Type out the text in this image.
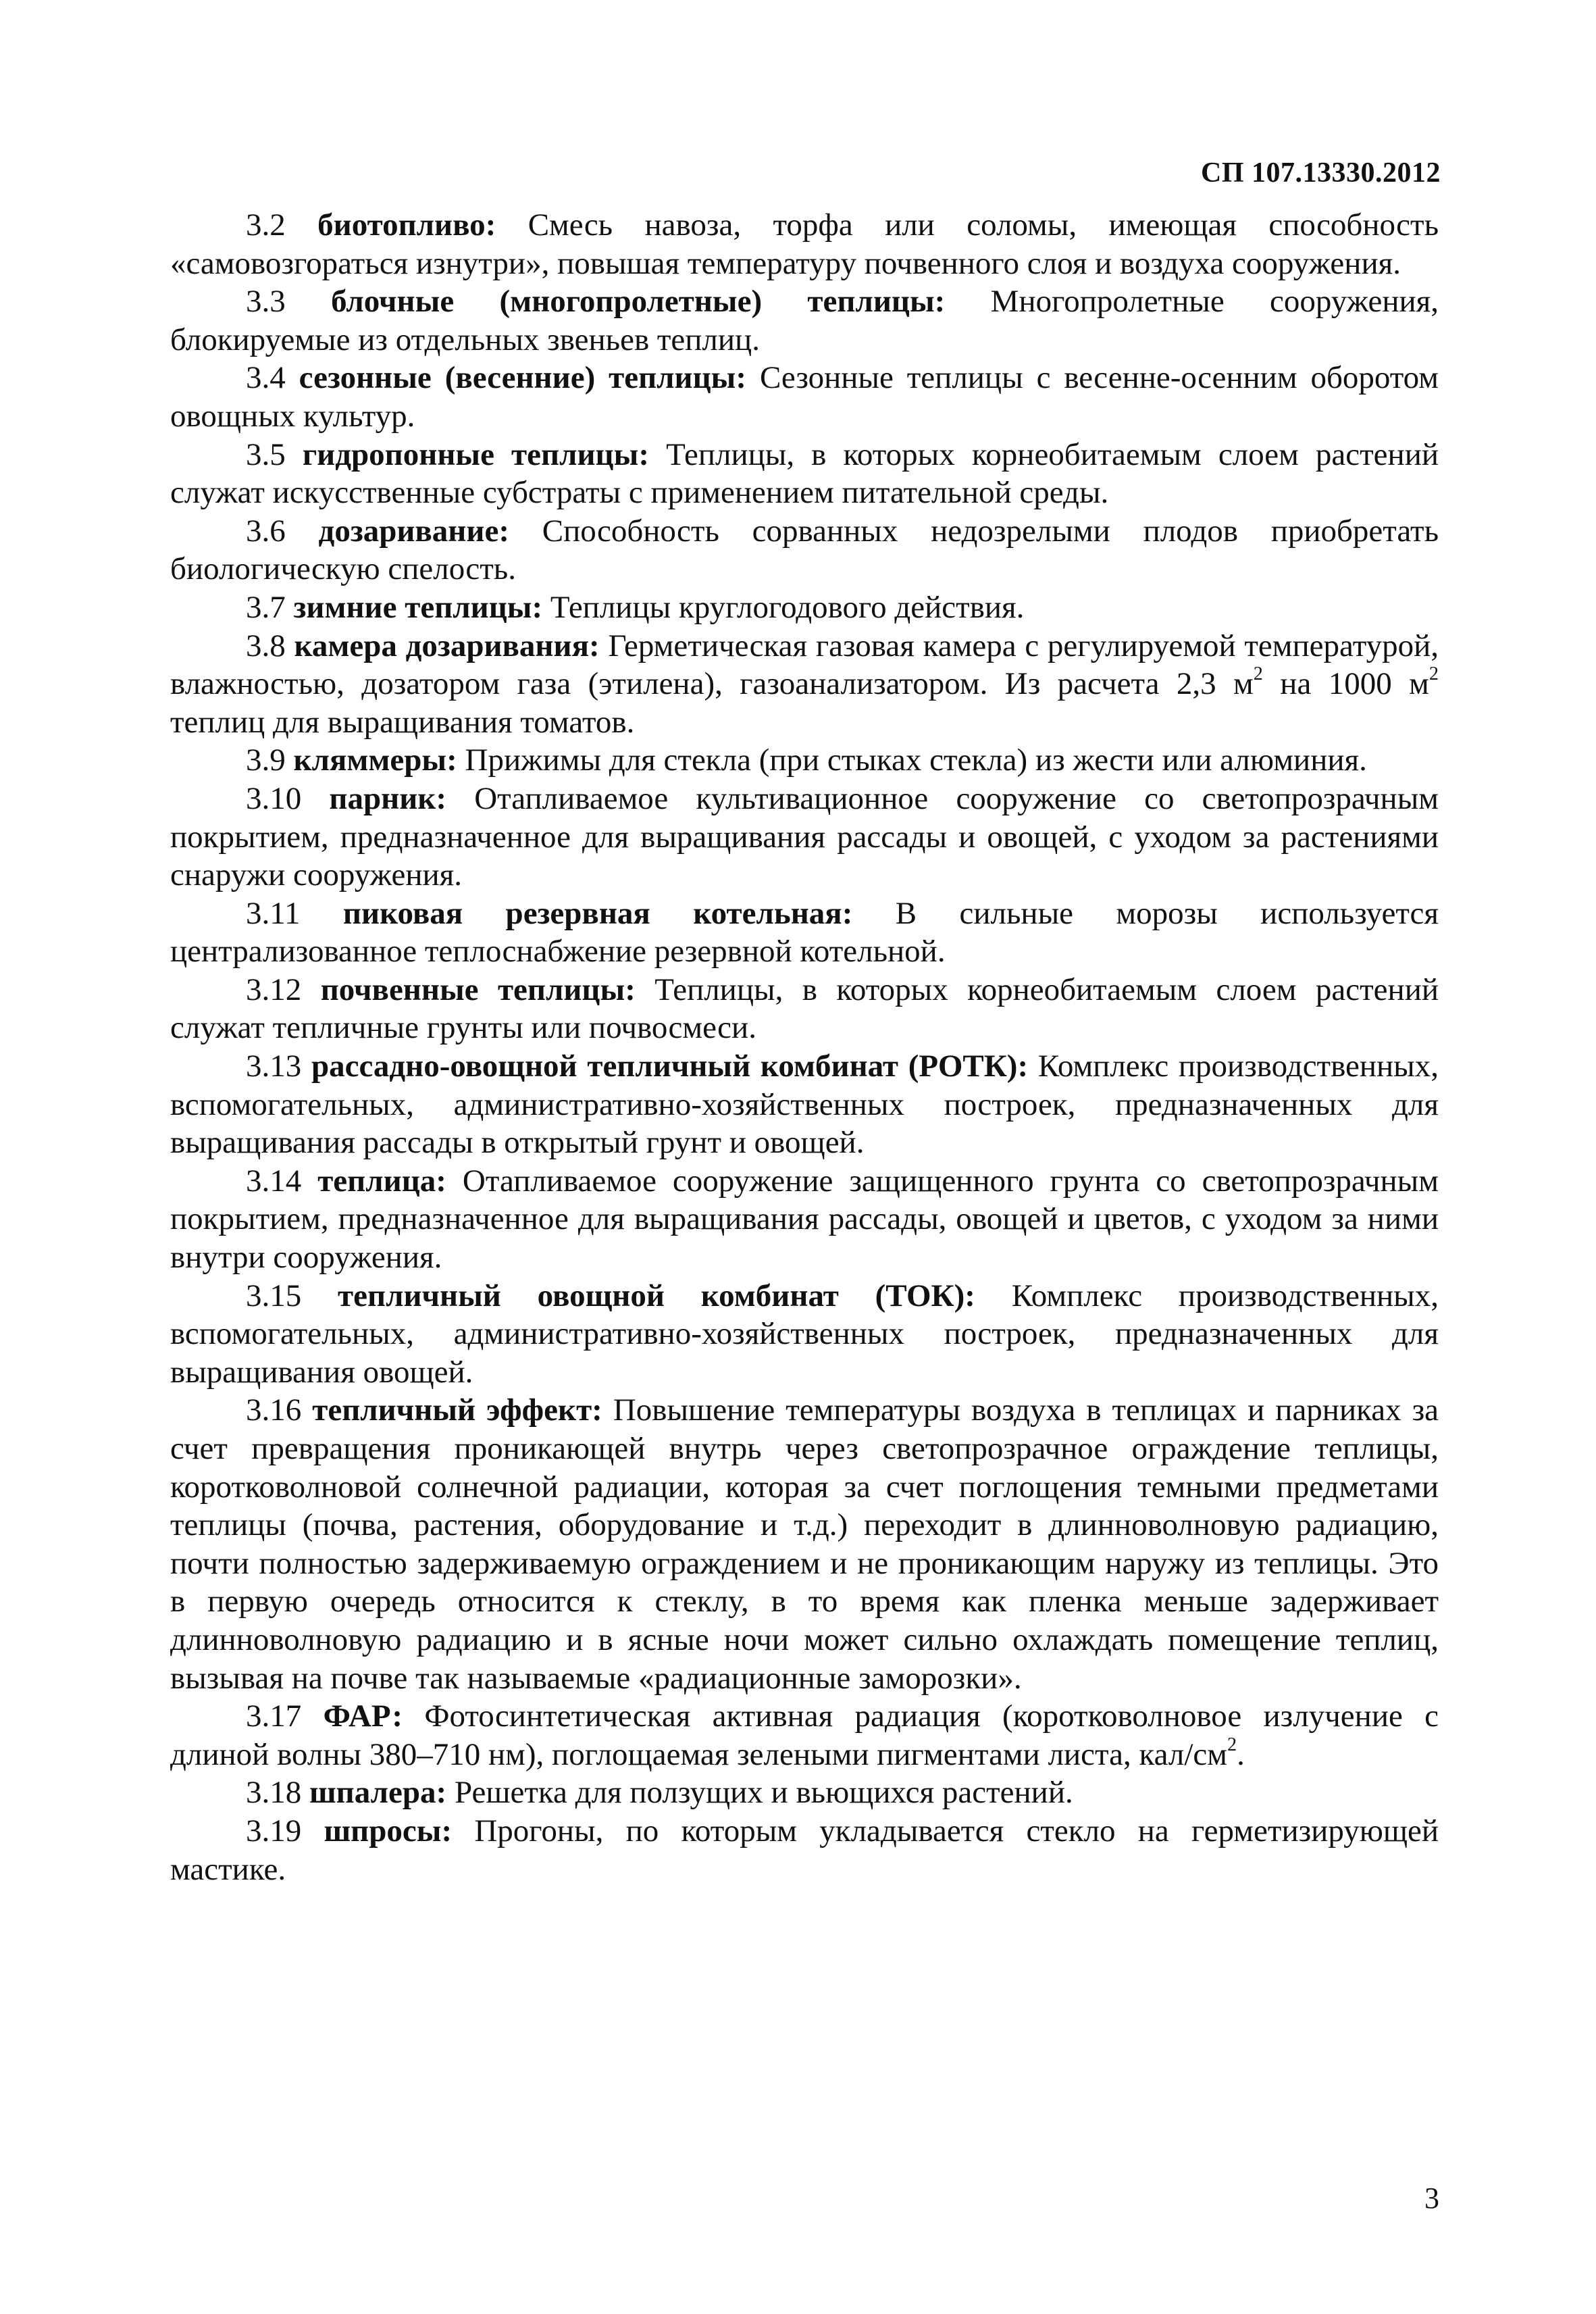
СП 107.13330.2012

3.2 биотопливо: Смесь навоза, торфа или соломы, имеющая способность «самовозгораться изнутри», повышая температуру почвенного слоя и воздуха сооружения.

3.3 блочные (многопролетные) теплицы: Многопролетные сооружения, блокируемые из отдельных звеньев теплиц.

3.4 сезонные (весенние) теплицы: Сезонные теплицы с весенне-осенним оборотом овощных культур.

3.5 гидропонные теплицы: Теплицы, в которых корнеобитаемым слоем растений служат искусственные субстраты с применением питательной среды.

3.6 дозаривание: Способность сорванных недозрелыми плодов приобретать биологическую спелость.

3.7 зимние теплицы: Теплицы круглогодового действия.

3.8 камера дозаривания: Герметическая газовая камера с регулируемой температурой, влажностью, дозатором газа (этилена), газоанализатором. Из расчета 2,3 $м^2$ на 1000 $м^2$ теплиц для выращивания томатов.

3.9 кляммеры: Прижимы для стекла (при стыках стекла) из жести или алюминия.

3.10 парник: Отапливаемое культивационное сооружение со светопрозрачным покрытием, предназначенное для выращивания рассады и овощей, с уходом за растениями снаружи сооружения.

3.11 пиковая резервная котельная: В сильные морозы используется централизованное теплоснабжение резервной котельной.

3.12 почвенные теплицы: Теплицы, в которых корнеобитаемым слоем растений служат тепличные грунты или почвосмеси.

3.13 рассадно-овощной тепличный комбинат (РОТК): Комплекс производственных, вспомогательных, административно-хозяйственных построек, предназначенных для выращивания рассады в открытый грунт и овощей.

3.14 теплица: Отапливаемое сооружение защищенного грунта со светопрозрачным покрытием, предназначенное для выращивания рассады, овощей и цветов, с уходом за ними внутри сооружения.

3.15 тепличный овощной комбинат (ТОК): Комплекс производственных, вспомогательных, административно-хозяйственных построек, предназначенных для выращивания овощей.

3.16 тепличный эффект: Повышение температуры воздуха в теплицах и парниках за счет превращения проникающей внутрь через светопрозрачное ограждение теплицы, коротковолновой солнечной радиации, которая за счет поглощения темными предметами теплицы (почва, растения, оборудование и т.д.) переходит в длинноволновую радиацию, почти полностью задерживаемую ограждением и не проникающим наружу из теплицы. Это в первую очередь относится к стеклу, в то время как пленка меньше задерживает длинноволновую радиацию и в ясные ночи может сильно охлаждать помещение теплиц, вызывая на почве так называемые «радиационные заморозки».

3.17 ФАР: Фотосинтетическая активная радиация (коротковолновое излучение с длиной волны 380–710 нм), поглощаемая зелеными пигментами листа, кал/$см^2$.

3.18 шпалера: Решетка для ползущих и вьющихся растений.

3.19 шпросы: Прогоны, по которым укладывается стекло на герметизирующей мастике.

3
